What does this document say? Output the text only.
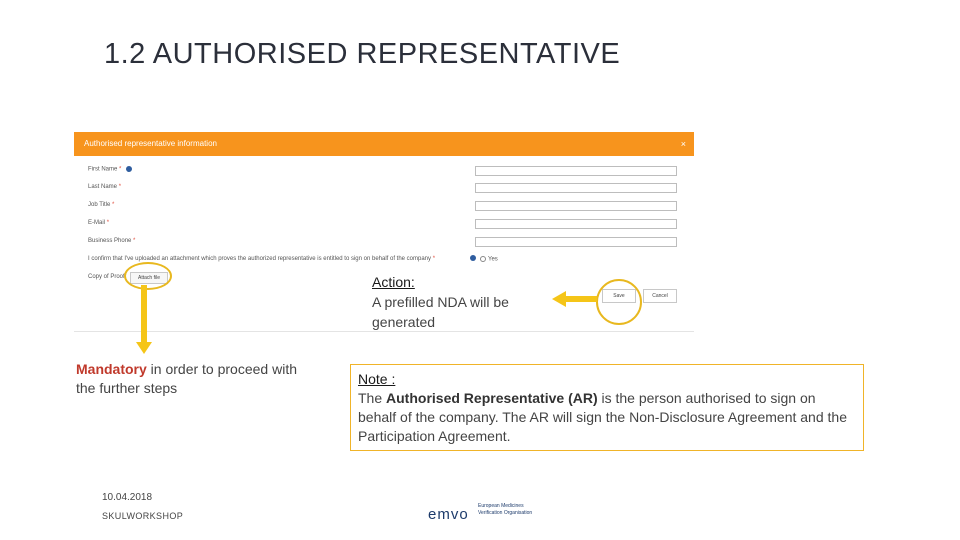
1.2 AUTHORISED REPRESENTATIVE
Authorised representative information	×
First Name *
Last Name *
Job Title *
E-Mail *
Business Phone *
I confirm that I've uploaded an attachment which proves the authorized representative is entitled to sign on behalf of the company *	Yes
Copy of Proof	Attach file
Save	Cancel
Action:
A prefilled NDA will be generated
Mandatory in order to proceed with the further steps
Note :
The Authorised Representative (AR) is the person authorised to sign on behalf of the company. The AR will sign the Non-Disclosure Agreement and the Participation Agreement.
10.04.2018
SKULWORKSHOP	emvo European Medicines
Verification Organisation
